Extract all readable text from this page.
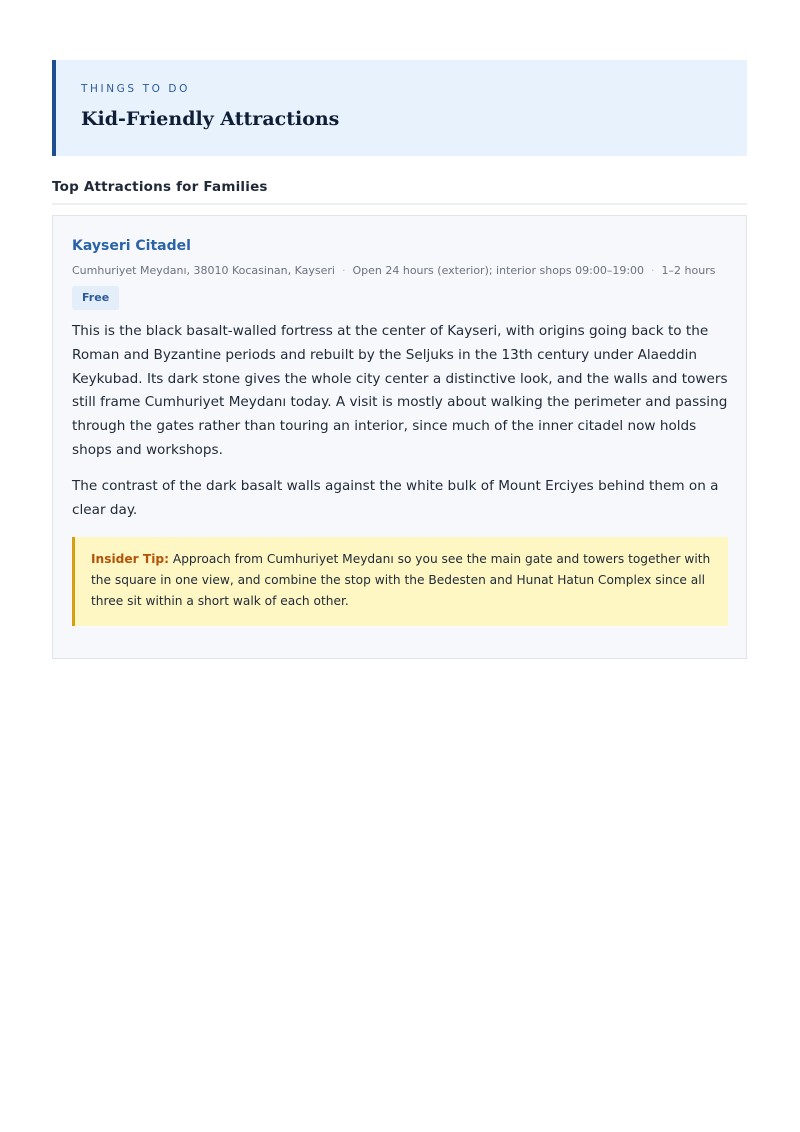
THINGS TO DO
Kid-Friendly Attractions
Top Attractions for Families
Kayseri Citadel
Cumhuriyet Meydanı, 38010 Kocasinan, Kayseri · Open 24 hours (exterior); interior shops 09:00–19:00 · 1–2 hours
Free

This is the black basalt-walled fortress at the center of Kayseri, with origins going back to the Roman and Byzantine periods and rebuilt by the Seljuks in the 13th century under Alaeddin Keykubad. Its dark stone gives the whole city center a distinctive look, and the walls and towers still frame Cumhuriyet Meydanı today. A visit is mostly about walking the perimeter and passing through the gates rather than touring an interior, since much of the inner citadel now holds shops and workshops.

The contrast of the dark basalt walls against the white bulk of Mount Erciyes behind them on a clear day.

Insider Tip: Approach from Cumhuriyet Meydanı so you see the main gate and towers together with the square in one view, and combine the stop with the Bedesten and Hunat Hatun Complex since all three sit within a short walk of each other.
